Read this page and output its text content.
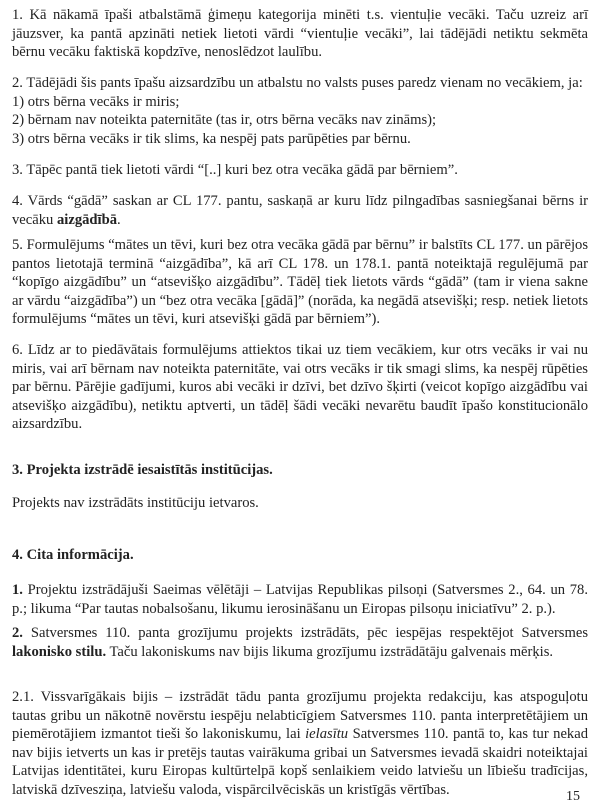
1. Kā nākamā īpaši atbalstāmā ģimeņu kategorija minēti t.s. vientuļie vecāki. Taču uzreiz arī jāuzsver, ka pantā apzināti netiek lietoti vārdi “vientuļie vecāki”, lai tādējādi netiktu sekmēta bērnu vecāku faktiskā kopdzīve, nenoslēdzot laulību.
2. Tādējādi šis pants īpašu aizsardzību un atbalstu no valsts puses paredz vienam no vecākiem, ja:
1) otrs bērna vecāks ir miris;
2) bērnam nav noteikta paternitāte (tas ir, otrs bērna vecāks nav zināms);
3) otrs bērna vecāks ir tik slims, ka nespēj pats parūpēties par bērnu.
3. Tāpēc pantā tiek lietoti vārdi “[..] kuri bez otra vecāka gādā par bērniem”.
4. Vārds “gādā” saskan ar CL 177. pantu, saskaņā ar kuru līdz pilngadības sasniegšanai bērns ir vecāku aizgādībā.
5. Formulējums “mātes un tēvi, kuri bez otra vecāka gādā par bērnu” ir balstīts CL 177. un pārējos pantos lietotajā terminā “aizgādība”, kā arī CL 178. un 178.1. pantā noteiktajā regulējumā par “kopīgo aizgādību” un “atsevišķo aizgādību”. Tādēļ tiek lietots vārds “gādā” (tam ir viena sakne ar vārdu “aizgādība”) un “bez otra vecāka [gādā]” (norāda, ka negādā atsevišķi; resp. netiek lietots formulējums “mātes un tēvi, kuri atsevišķi gādā par bērniem”).
6. Līdz ar to piedāvātais formulējums attiektos tikai uz tiem vecākiem, kur otrs vecāks ir vai nu miris, vai arī bērnam nav noteikta paternitāte, vai otrs vecāks ir tik smagi slims, ka nespēj rūpēties par bērnu. Pārējie gadījumi, kuros abi vecāki ir dzīvi, bet dzīvo šķirti (veicot kopīgo aizgādību vai atsevišķo aizgādību), netiktu aptverti, un tādēļ šādi vecāki nevarētu baudīt īpašo konstitucionālo aizsardzību.
3. Projekta izstrādē iesaistītās institūcijas.
Projekts nav izstrādāts institūciju ietvaros.
4. Cita informācija.
1. Projektu izstrādājuši Saeimas vēlētāji – Latvijas Republikas pilsoņi (Satversmes 2., 64. un 78. p.; likuma “Par tautas nobalsošanu, likumu ierosināšanu un Eiropas pilsoņu iniciatīvu” 2. p.).
2. Satversmes 110. panta grozījumu projekts izstrādāts, pēc iespējas respektējot Satversmes lakonisko stilu. Taču lakoniskums nav bijis likuma grozījumu izstrādātāju galvenais mērķis.
2.1. Vissvarīgākais bijis – izstrādāt tādu panta grozījumu projekta redakciju, kas atspoguļotu tautas gribu un nākotnē novērstu iespēju nelabticīgiem Satversmes 110. panta interpretētājiem un piemērotājiem izmantot tieši šo lakoniskumu, lai ielasītu Satversmes 110. pantā to, kas tur nekad nav bijis ietverts un kas ir pretējs tautas vairākuma gribai un Satversmes ievadā skaidri noteiktajai Latvijas identitātei, kuru Eiropas kultūrtelpā kopš senlaikiem veido latviešu un lībiešu tradīcijas, latviskā dzīvesziņa, latviešu valoda, vispārcilvēciskās un kristīgās vērtības.	15
